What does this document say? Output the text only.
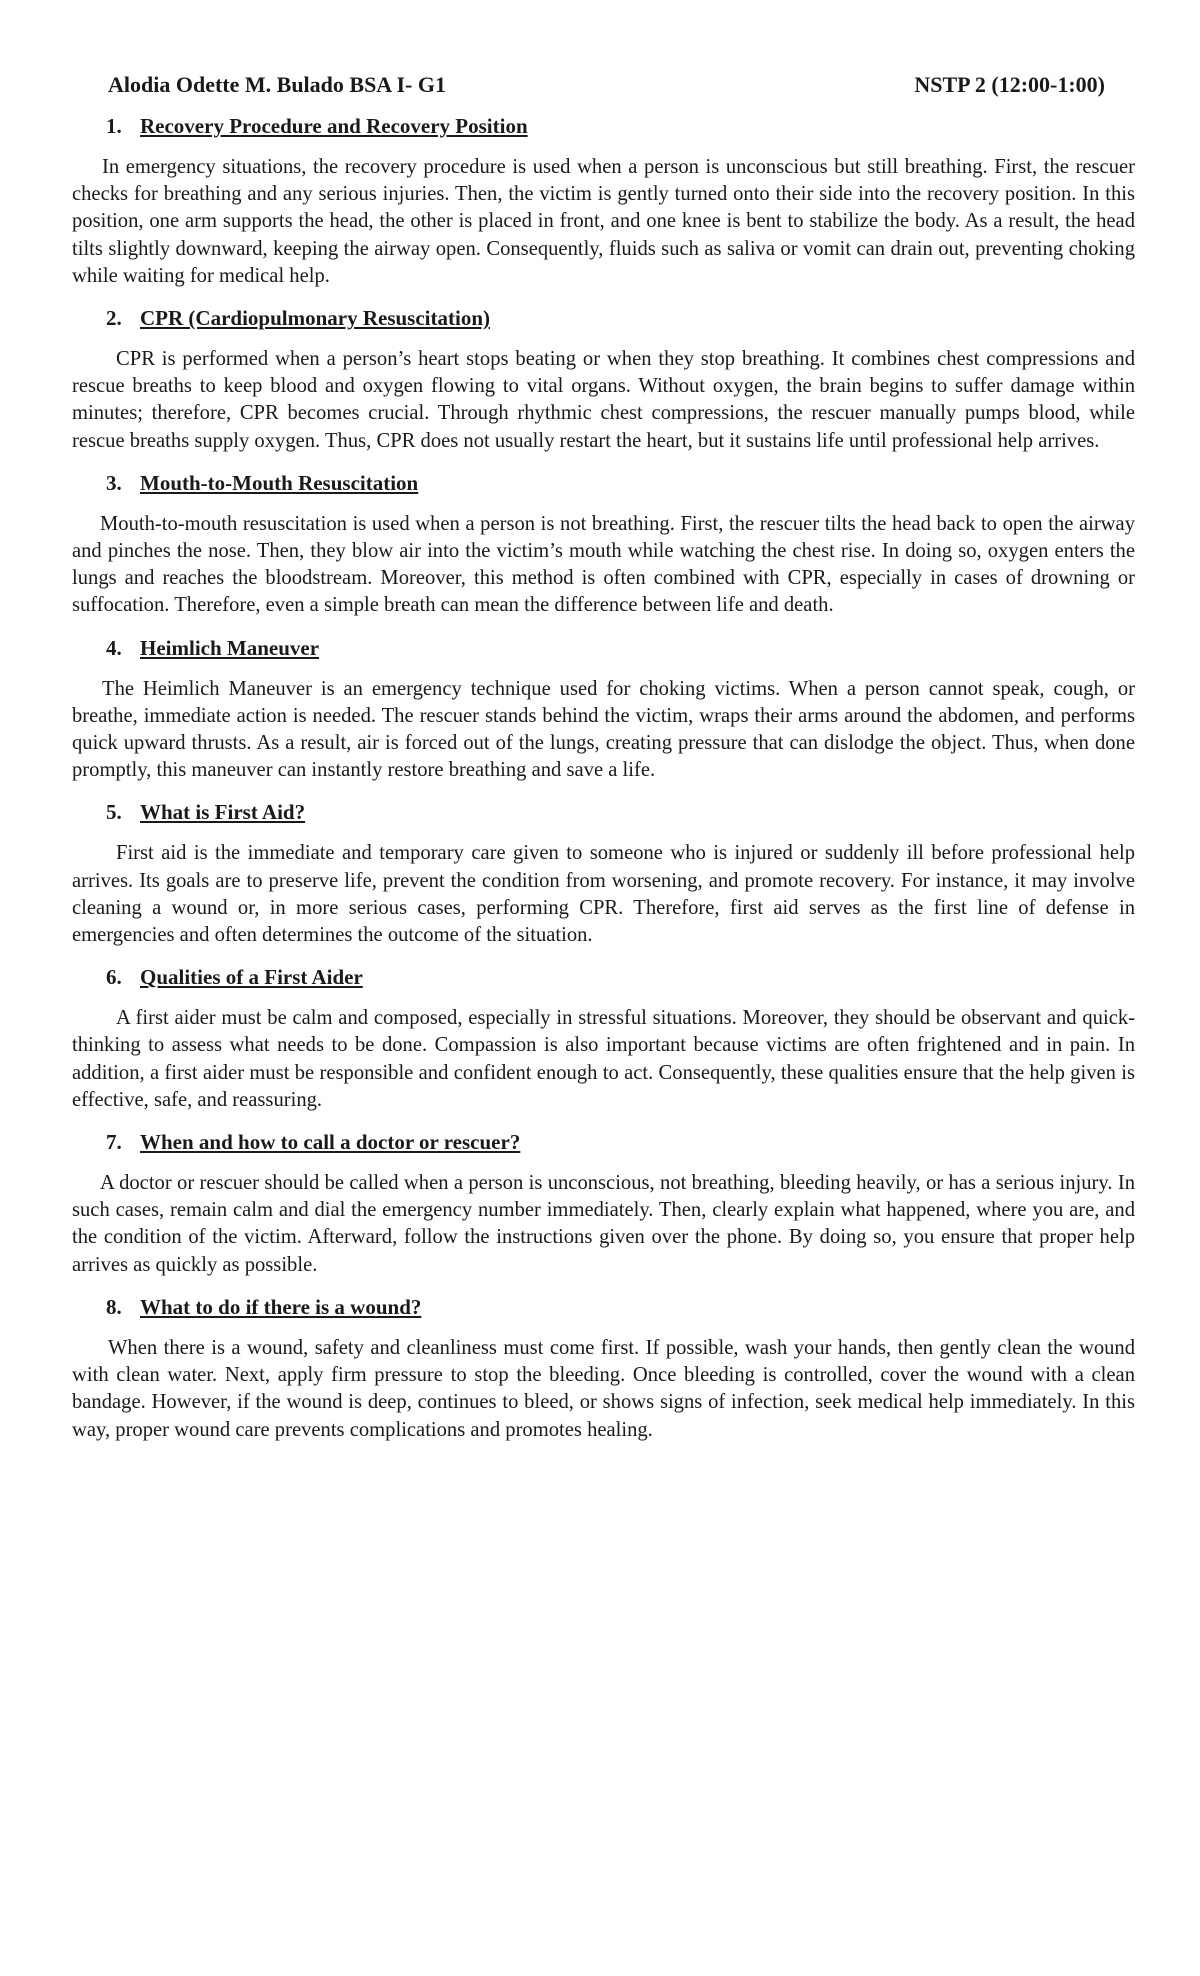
Alodia Odette M. Bulado BSA I- G1	NSTP 2 (12:00-1:00)
1. Recovery Procedure and Recovery Position

In emergency situations, the recovery procedure is used when a person is unconscious but still breathing. First, the rescuer checks for breathing and any serious injuries. Then, the victim is gently turned onto their side into the recovery position. In this position, one arm supports the head, the other is placed in front, and one knee is bent to stabilize the body. As a result, the head tilts slightly downward, keeping the airway open. Consequently, fluids such as saliva or vomit can drain out, preventing choking while waiting for medical help.

2. CPR (Cardiopulmonary Resuscitation)

CPR is performed when a person’s heart stops beating or when they stop breathing. It combines chest compressions and rescue breaths to keep blood and oxygen flowing to vital organs. Without oxygen, the brain begins to suffer damage within minutes; therefore, CPR becomes crucial. Through rhythmic chest compressions, the rescuer manually pumps blood, while rescue breaths supply oxygen. Thus, CPR does not usually restart the heart, but it sustains life until professional help arrives.

3. Mouth-to-Mouth Resuscitation

Mouth-to-mouth resuscitation is used when a person is not breathing. First, the rescuer tilts the head back to open the airway and pinches the nose. Then, they blow air into the victim’s mouth while watching the chest rise. In doing so, oxygen enters the lungs and reaches the bloodstream. Moreover, this method is often combined with CPR, especially in cases of drowning or suffocation. Therefore, even a simple breath can mean the difference between life and death.

4. Heimlich Maneuver

The Heimlich Maneuver is an emergency technique used for choking victims. When a person cannot speak, cough, or breathe, immediate action is needed. The rescuer stands behind the victim, wraps their arms around the abdomen, and performs quick upward thrusts. As a result, air is forced out of the lungs, creating pressure that can dislodge the object. Thus, when done promptly, this maneuver can instantly restore breathing and save a life.

5. What is First Aid?

First aid is the immediate and temporary care given to someone who is injured or suddenly ill before professional help arrives. Its goals are to preserve life, prevent the condition from worsening, and promote recovery. For instance, it may involve cleaning a wound or, in more serious cases, performing CPR. Therefore, first aid serves as the first line of defense in emergencies and often determines the outcome of the situation.

6. Qualities of a First Aider

A first aider must be calm and composed, especially in stressful situations. Moreover, they should be observant and quick-thinking to assess what needs to be done. Compassion is also important because victims are often frightened and in pain. In addition, a first aider must be responsible and confident enough to act. Consequently, these qualities ensure that the help given is effective, safe, and reassuring.

7. When and how to call a doctor or rescuer?

A doctor or rescuer should be called when a person is unconscious, not breathing, bleeding heavily, or has a serious injury. In such cases, remain calm and dial the emergency number immediately. Then, clearly explain what happened, where you are, and the condition of the victim. Afterward, follow the instructions given over the phone. By doing so, you ensure that proper help arrives as quickly as possible.

8. What to do if there is a wound?

When there is a wound, safety and cleanliness must come first. If possible, wash your hands, then gently clean the wound with clean water. Next, apply firm pressure to stop the bleeding. Once bleeding is controlled, cover the wound with a clean bandage. However, if the wound is deep, continues to bleed, or shows signs of infection, seek medical help immediately. In this way, proper wound care prevents complications and promotes healing.
